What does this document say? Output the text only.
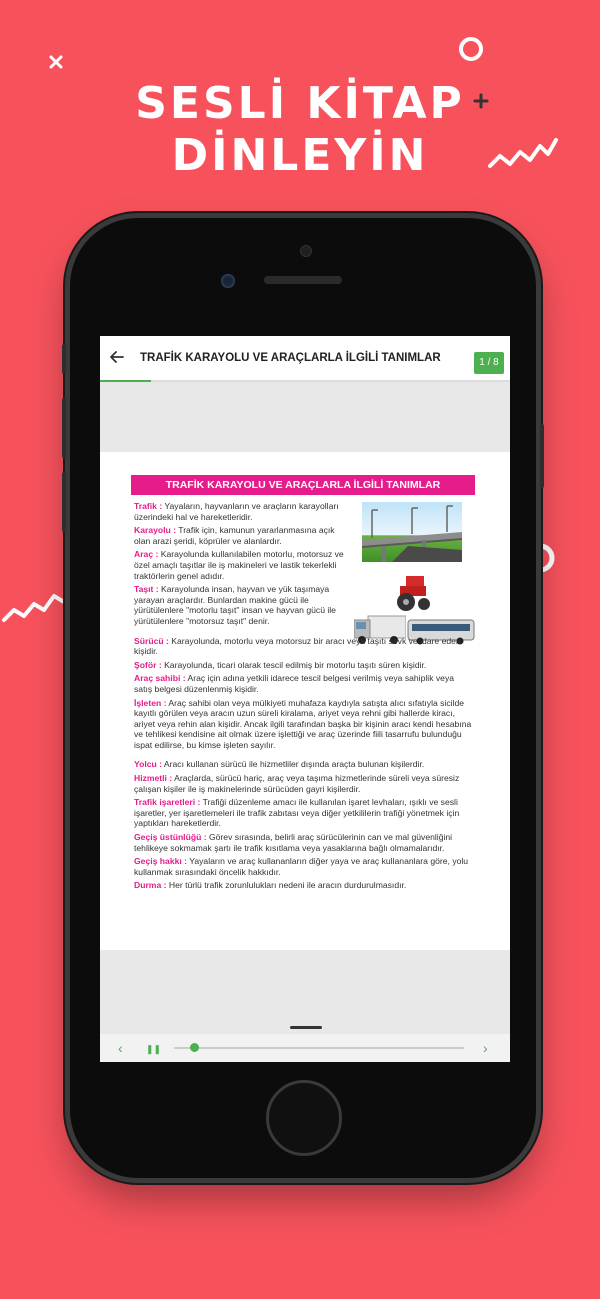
SESLİ KİTAP
DİNLEYİN
TRAFİK KARAYOLU VE ARAÇLARLA İLGİLİ TANIMLAR	1 / 8
TRAFİK KARAYOLU VE ARAÇLARLA İLGİLİ TANIMLAR
Trafik : Yayaların, hayvanların ve araçların karayolları üzerindeki hal ve hareketleridir.
Karayolu : Trafik için, kamunun yararlanmasına açık olan arazi şeridi, köprüler ve alanlardır.
Araç : Karayolunda kullanılabilen motorlu, motorsuz ve özel amaçlı taşıtlar ile iş makineleri ve lastik tekerlekli traktörlerin genel adıdır.
Taşıt : Karayolunda insan, hayvan ve yük taşımaya yarayan araçlardır. Bunlardan makine gücü ile yürütülenlere "motorlu taşıt" insan ve hayvan gücü ile yürütülenlere "motorsuz taşıt" denir.
Sürücü : Karayolunda, motorlu veya motorsuz bir aracı veya taşıtı sevk ve idare eden kişidir.
Şoför : Karayolunda, ticari olarak tescil edilmiş bir motorlu taşıtı süren kişidir.
Araç sahibi : Araç için adına yetkili idarece tescil belgesi verilmiş veya sahiplik veya satış belgesi düzenlenmiş kişidir.
İşleten : Araç sahibi olan veya mülkiyeti muhafaza kaydıyla satışta alıcı sıfatıyla sicilde kayıtlı görülen veya aracın uzun süreli kiralama, ariyet veya rehni gibi hallerde kiracı, ariyet veya rehin alan kişidir. Ancak ilgili tarafından başka bir kişinin aracı kendi hesabına ve tehlikesi kendisine ait olmak üzere işlettiği ve araç üzerinde fiili tasarrufu bulunduğu ispat edilirse, bu kimse işleten sayılır.
Yolcu : Aracı kullanan sürücü ile hizmetliler dışında araçta bulunan kişilerdir.
Hizmetli : Araçlarda, sürücü hariç, araç veya taşıma hizmetlerinde süreli veya süresiz çalışan kişiler ile iş makinelerinde sürücüden gayri kişilerdir.
Trafik işaretleri : Trafiği düzenleme amacı ile kullanılan işaret levhaları, ışıklı ve sesli işaretler, yer işaretlemeleri ile trafik zabıtası veya diğer yetkililerin trafiği yönetmek için yaptıkları hareketlerdir.
Geçiş üstünlüğü : Görev sırasında, belirli araç sürücülerinin can ve mal güvenliğini tehlikeye sokmamak şartı ile trafik kısıtlama veya yasaklarına bağlı olmamalarıdır.
Geçiş hakkı : Yayaların ve araç kullananların diğer yaya ve araç kullananlara göre, yolu kullanmak sırasındaki öncelik hakkıdır.
Durma : Her türlü trafik zorunlulukları nedeni ile aracın durdurulmasıdır.
‹	❚❚	›
